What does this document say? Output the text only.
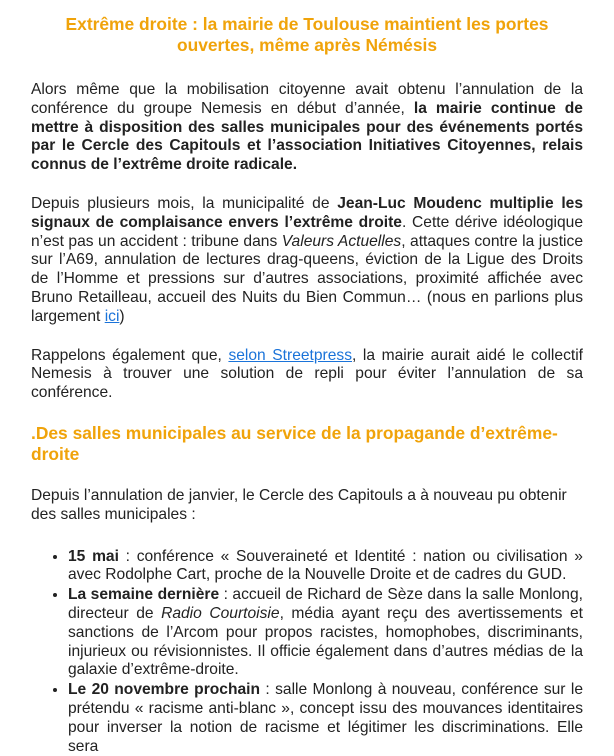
Extrême droite : la mairie de Toulouse maintient les portes ouvertes, même après Némésis

Alors même que la mobilisation citoyenne avait obtenu l’annulation de la conférence du groupe Nemesis en début d’année, la mairie continue de mettre à disposition des salles municipales pour des événements portés par le Cercle des Capitouls et l’association Initiatives Citoyennes, relais connus de l’extrême droite radicale.

Depuis plusieurs mois, la municipalité de Jean-Luc Moudenc multiplie les signaux de complaisance envers l’extrême droite. Cette dérive idéologique n’est pas un accident : tribune dans Valeurs Actuelles, attaques contre la justice sur l’A69, annulation de lectures drag-queens, éviction de la Ligue des Droits de l’Homme et pressions sur d’autres associations, proximité affichée avec Bruno Retailleau, accueil des Nuits du Bien Commun… (nous en parlions plus largement ici)

Rappelons également que, selon Streetpress, la mairie aurait aidé le collectif Nemesis à trouver une solution de repli pour éviter l’annulation de sa conférence.

.Des salles municipales au service de la propagande d’extrême-droite

Depuis l’annulation de janvier, le Cercle des Capitouls a à nouveau pu obtenir des salles municipales :

• 15 mai : conférence « Souveraineté et Identité : nation ou civilisation » avec Rodolphe Cart, proche de la Nouvelle Droite et de cadres du GUD.
• La semaine dernière : accueil de Richard de Sèze dans la salle Monlong, directeur de Radio Courtoisie, média ayant reçu des avertissements et sanctions de l’Arcom pour propos racistes, homophobes, discriminants, injurieux ou révisionnistes. Il officie également dans d’autres médias de la galaxie d’extrême-droite.
• Le 20 novembre prochain : salle Monlong à nouveau, conférence sur le prétendu « racisme anti-blanc », concept issu des mouvances identitaires pour inverser la notion de racisme et légitimer les discriminations. Elle sera
